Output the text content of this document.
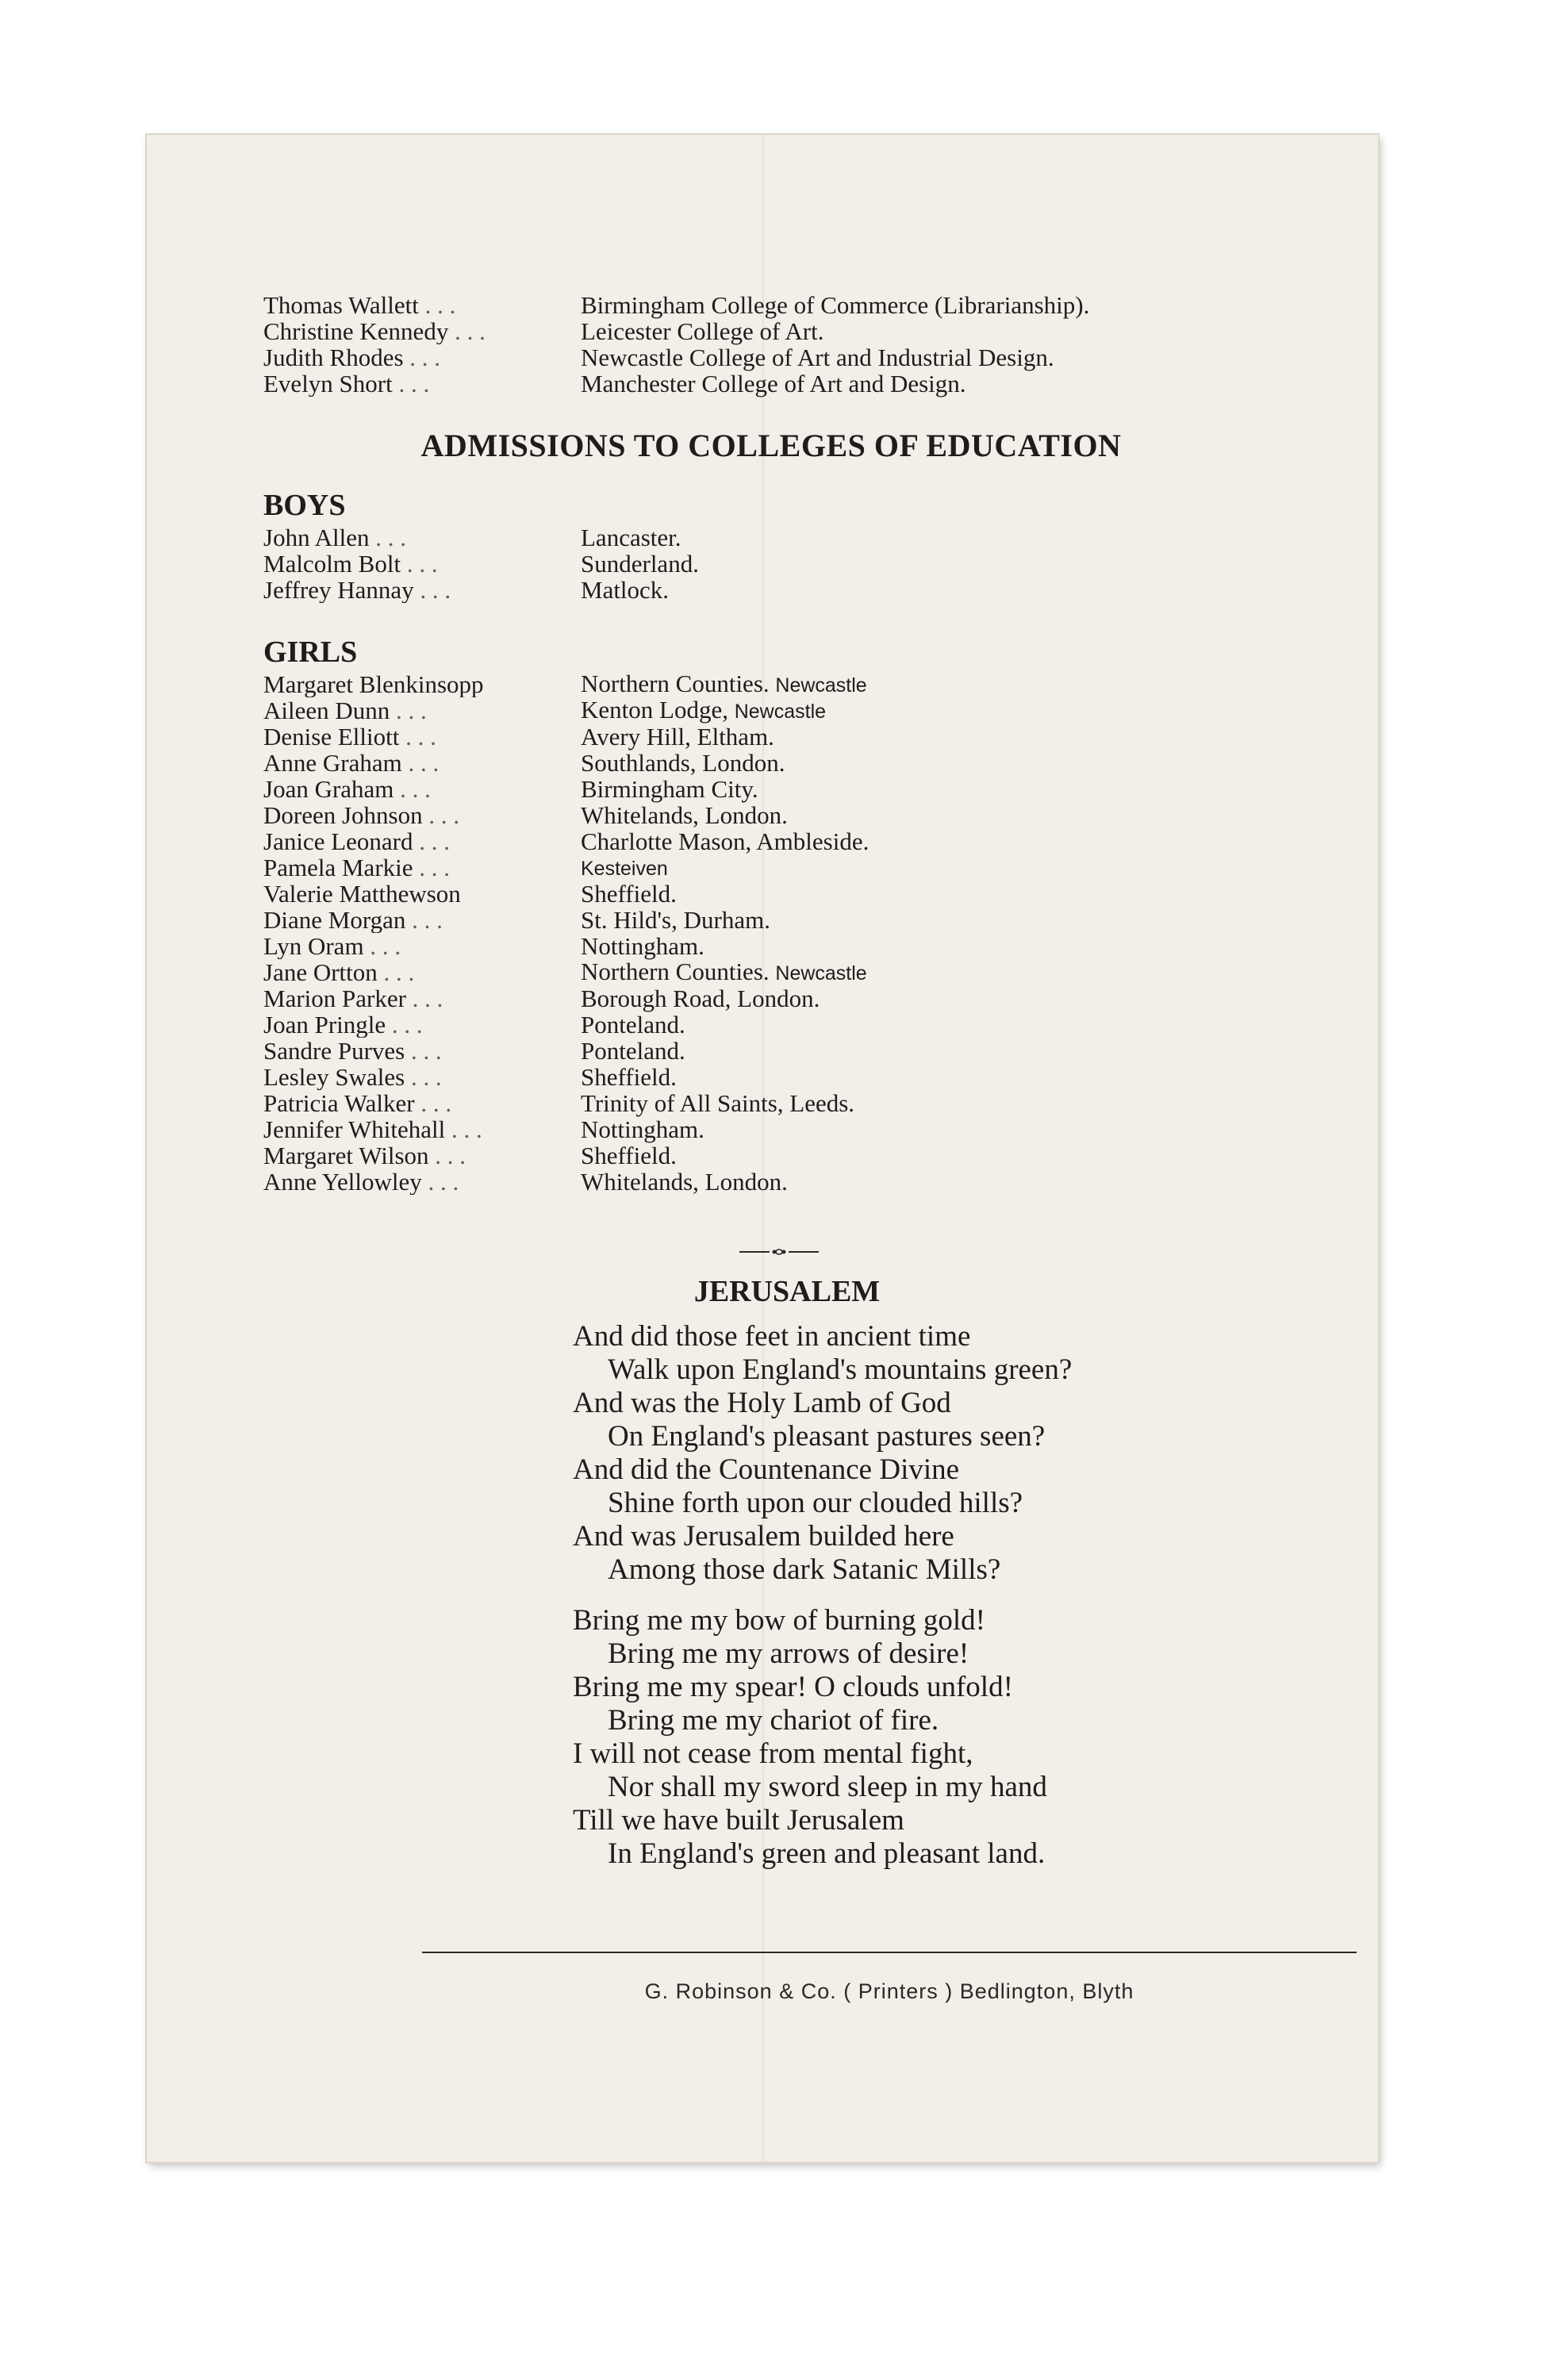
Thomas Wallett . . .	Birmingham College of Commerce (Librarianship).
Christine Kennedy . . .	Leicester College of Art.
Judith Rhodes . . .	Newcastle College of Art and Industrial Design.
Evelyn Short . . .	Manchester College of Art and Design.
ADMISSIONS TO COLLEGES OF EDUCATION
BOYS
John Allen . . .	Lancaster.
Malcolm Bolt . . .	Sunderland.
Jeffrey Hannay . . .	Matlock.
GIRLS
Margaret Blenkinsopp	Northern Counties. Newcastle
Aileen Dunn . . .	Kenton Lodge, Newcastle
Denise Elliott . . .	Avery Hill, Eltham.
Anne Graham . . .	Southlands, London.
Joan Graham . . .	Birmingham City.
Doreen Johnson . . .	Whitelands, London.
Janice Leonard . . .	Charlotte Mason, Ambleside.
Pamela Markie . . .	Kesteiven
Valerie Matthewson	Sheffield.
Diane Morgan . . .	St. Hild's, Durham.
Lyn Oram . . .	Nottingham.
Jane Ortton . . .	Northern Counties. Newcastle
Marion Parker . . .	Borough Road, London.
Joan Pringle . . .	Ponteland.
Sandre Purves . . .	Ponteland.
Lesley Swales . . .	Sheffield.
Patricia Walker . . .	Trinity of All Saints, Leeds.
Jennifer Whitehall . . .	Nottingham.
Margaret Wilson . . .	Sheffield.
Anne Yellowley . . .	Whitelands, London.
JERUSALEM
And did those feet in ancient time
Walk upon England's mountains green?
And was the Holy Lamb of God
On England's pleasant pastures seen?
And did the Countenance Divine
Shine forth upon our clouded hills?
And was Jerusalem builded here
Among those dark Satanic Mills?
Bring me my bow of burning gold!
Bring me my arrows of desire!
Bring me my spear! O clouds unfold!
Bring me my chariot of fire.
I will not cease from mental fight,
Nor shall my sword sleep in my hand
Till we have built Jerusalem
In England's green and pleasant land.
G. Robinson & Co. ( Printers ) Bedlington, Blyth
